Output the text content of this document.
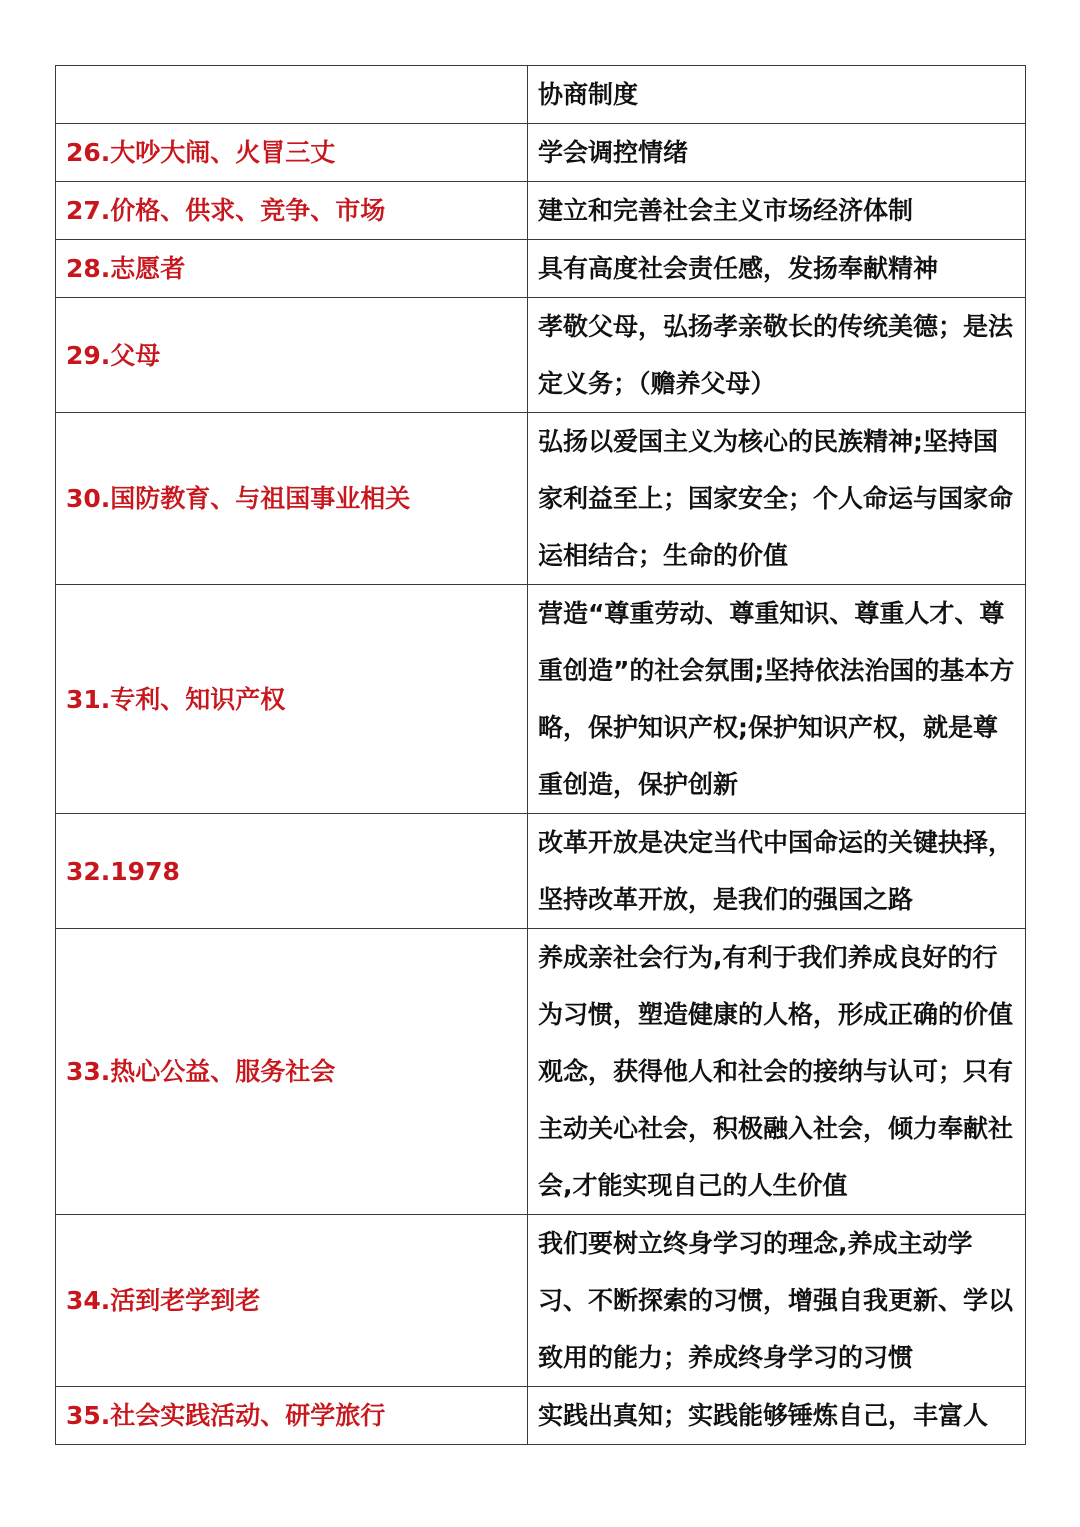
	协商制度
26.大吵大闹、火冒三丈	学会调控情绪
27.价格、供求、竞争、市场	建立和完善社会主义市场经济体制
28.志愿者	具有高度社会责任感，发扬奉献精神
29.父母	孝敬父母，弘扬孝亲敬长的传统美德；是法定义务；（赡养父母）
30.国防教育、与祖国事业相关	弘扬以爱国主义为核心的民族精神;坚持国家利益至上；国家安全；个人命运与国家命运相结合；生命的价值
31.专利、知识产权	营造“尊重劳动、尊重知识、尊重人才、尊重创造”的社会氛围;坚持依法治国的基本方略，保护知识产权;保护知识产权，就是尊重创造，保护创新
32.1978	改革开放是决定当代中国命运的关键抉择，坚持改革开放，是我们的强国之路
33.热心公益、服务社会	养成亲社会行为,有利于我们养成良好的行为习惯，塑造健康的人格，形成正确的价值观念，获得他人和社会的接纳与认可；只有主动关心社会，积极融入社会，倾力奉献社会,才能实现自己的人生价值
34.活到老学到老	我们要树立终身学习的理念,养成主动学习、不断探索的习惯，增强自我更新、学以致用的能力；养成终身学习的习惯
35.社会实践活动、研学旅行	实践出真知；实践能够锤炼自己，丰富人
